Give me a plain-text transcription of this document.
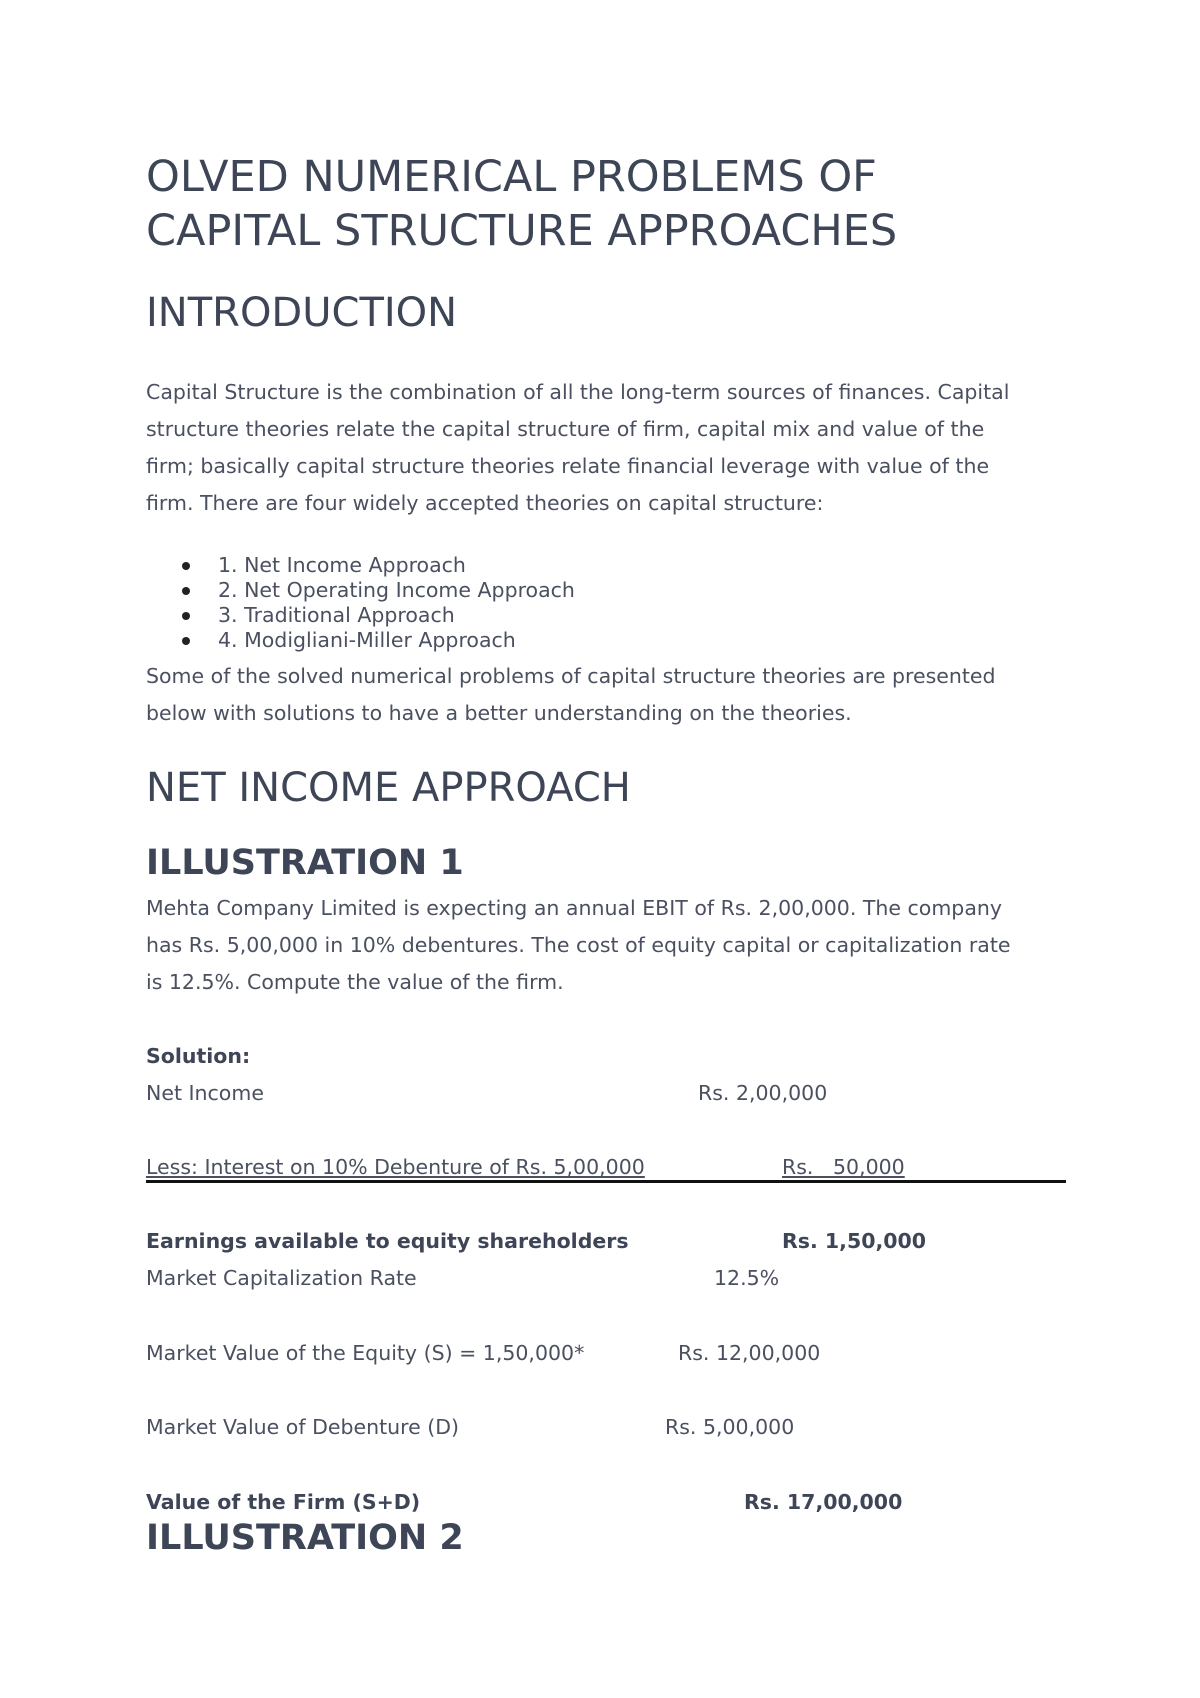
OLVED NUMERICAL PROBLEMS OF
CAPITAL STRUCTURE APPROACHES
INTRODUCTION
Capital Structure is the combination of all the long-term sources of finances. Capital
structure theories relate the capital structure of firm, capital mix and value of the
firm; basically capital structure theories relate financial leverage with value of the
firm. There are four widely accepted theories on capital structure:
1. Net Income Approach
2. Net Operating Income Approach
3. Traditional Approach
4. Modigliani-Miller Approach
Some of the solved numerical problems of capital structure theories are presented
below with solutions to have a better understanding on the theories.
NET INCOME APPROACH
ILLUSTRATION 1
Mehta Company Limited is expecting an annual EBIT of Rs. 2,00,000. The company
has Rs. 5,00,000 in 10% debentures. The cost of equity capital or capitalization rate
is 12.5%. Compute the value of the firm.
Solution:
Net Income	Rs. 2,00,000
Less: Interest on 10% Debenture of Rs. 5,00,000	Rs.   50,000
Earnings available to equity shareholders	Rs. 1,50,000
Market Capitalization Rate	12.5%
Market Value of the Equity (S) = 1,50,000*	Rs. 12,00,000
Market Value of Debenture (D)	Rs. 5,00,000
Value of the Firm (S+D)	Rs. 17,00,000
ILLUSTRATION 2
